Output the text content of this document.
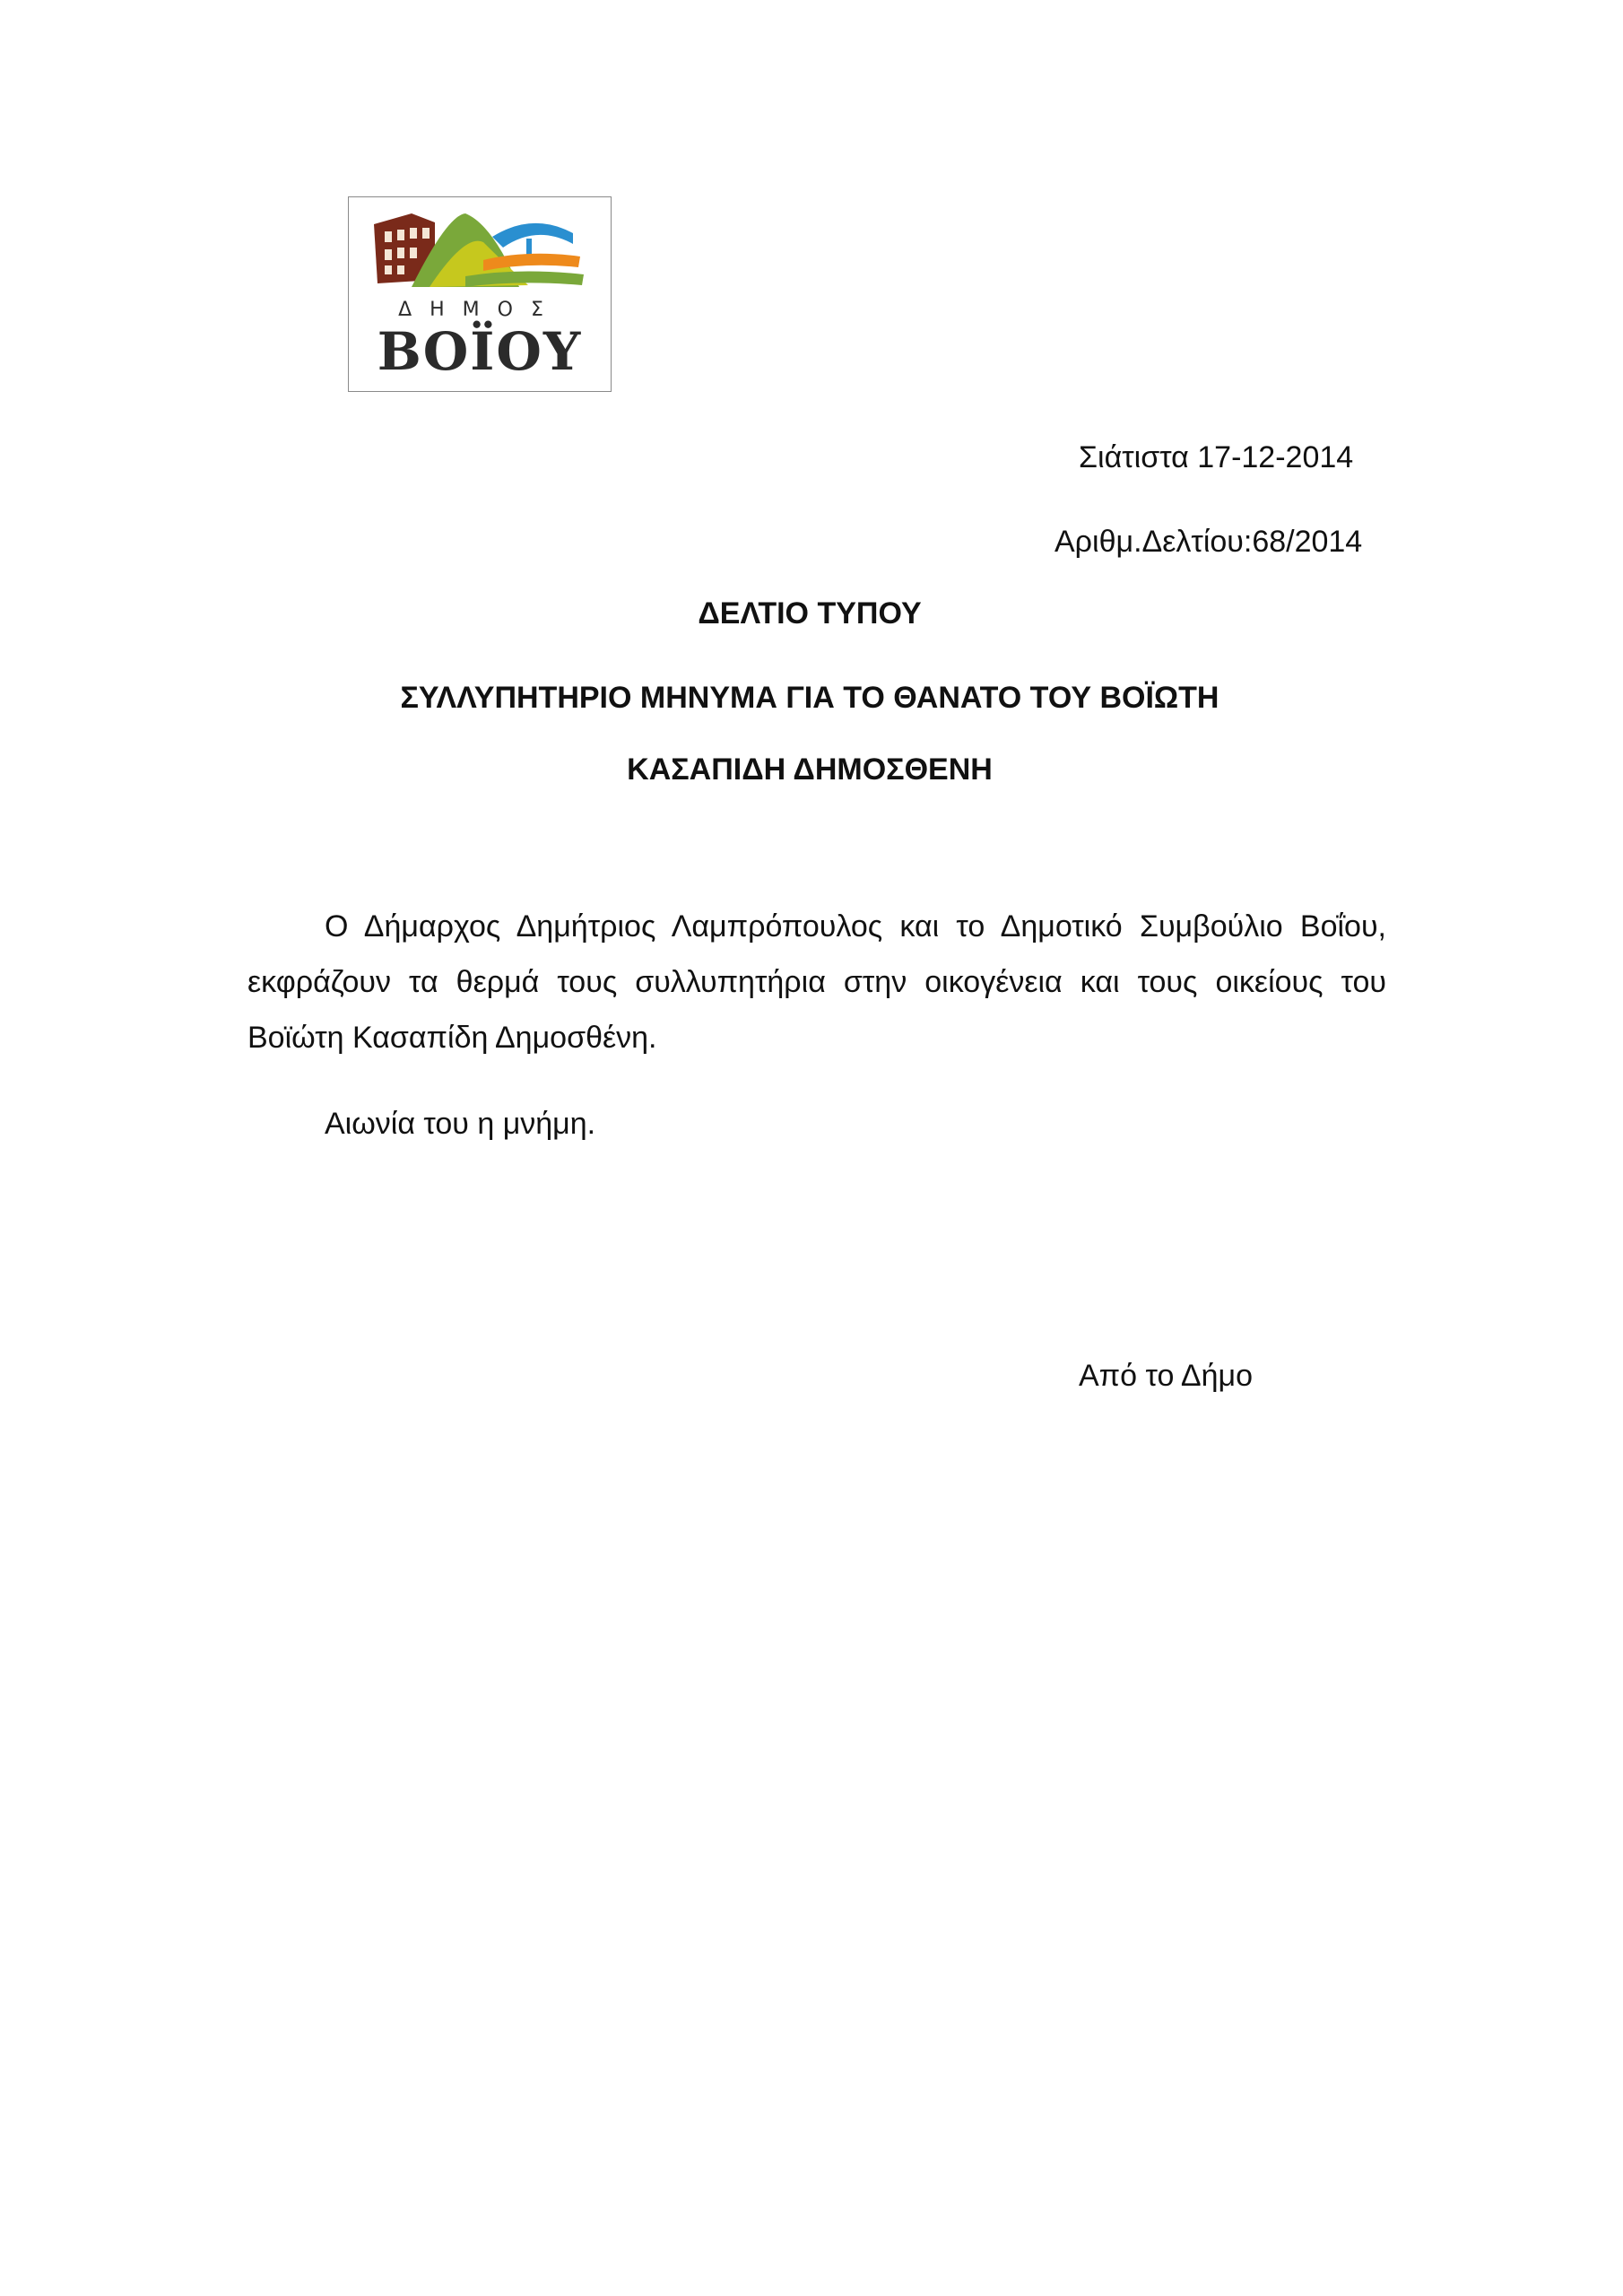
ΔΗΜΟΣ
ΒΟΪΟΥ
Σιάτιστα 17-12-2014
Αριθμ.Δελτίου:68/2014
ΔΕΛΤΙΟ ΤΥΠΟΥ
ΣΥΛΛΥΠΗΤΗΡΙΟ ΜΗΝΥΜΑ ΓΙΑ ΤΟ ΘΑΝΑΤΟ ΤΟΥ ΒΟΪΩΤΗ
ΚΑΣΑΠΙΔΗ ΔΗΜΟΣΘΕΝΗ
Ο Δήμαρχος Δημήτριος Λαμπρόπουλος και το Δημοτικό Συμβούλιο Βοΐου, εκφράζουν τα θερμά τους συλλυπητήρια στην οικογένεια και τους οικείους του Βοϊώτη Κασαπίδη Δημοσθένη.
Αιωνία του η μνήμη.
Από το Δήμο
